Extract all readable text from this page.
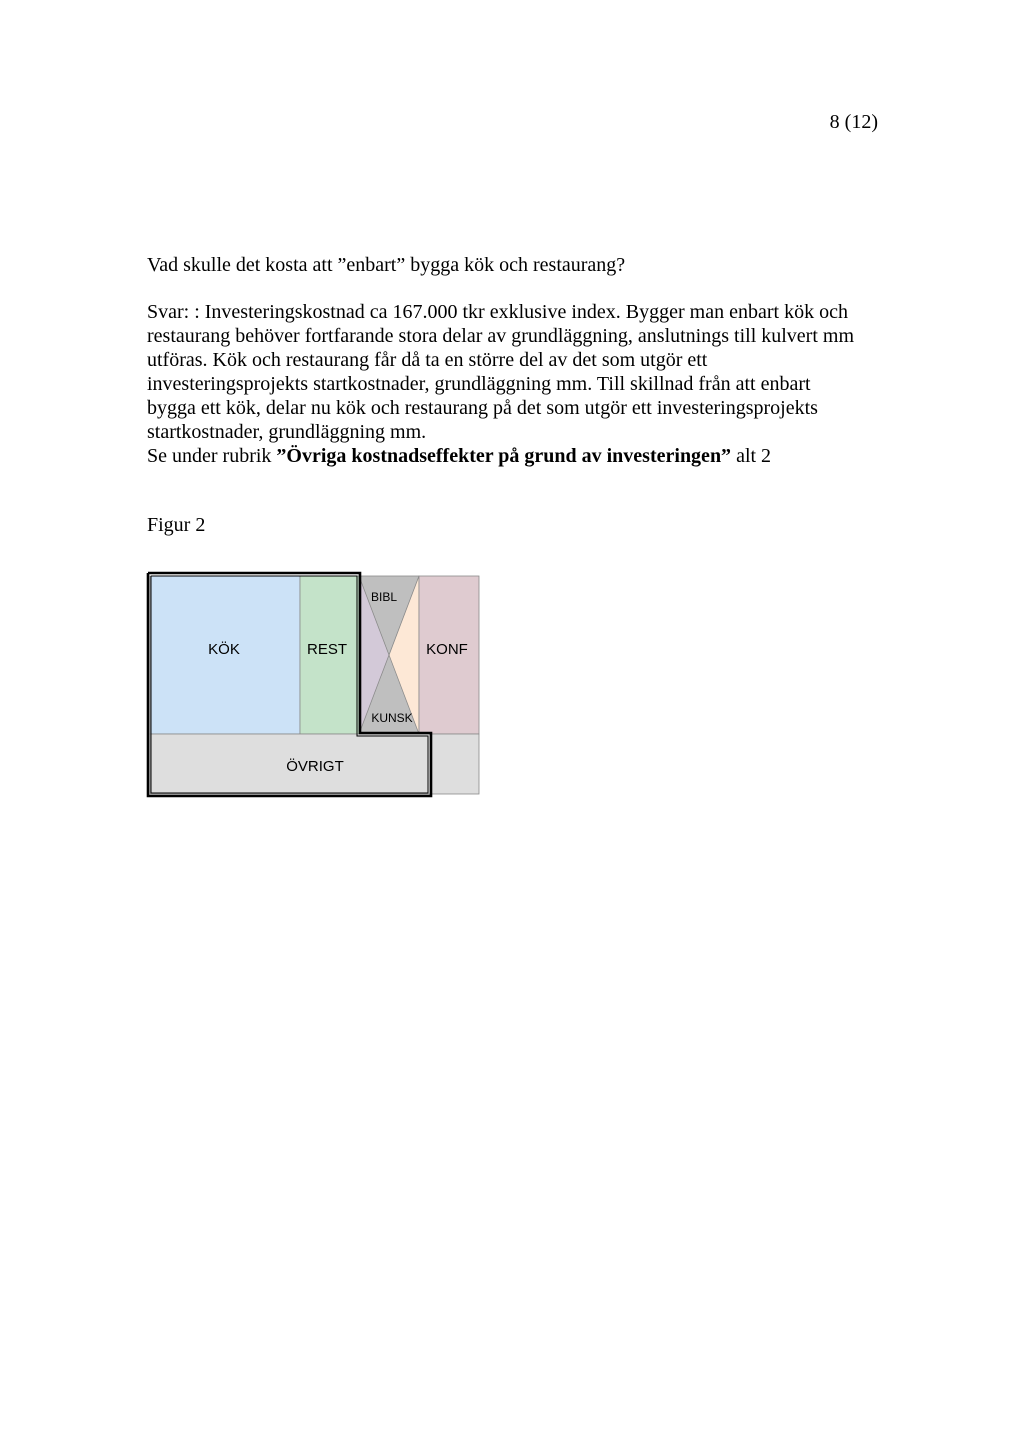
8 (12)

Vad skulle det kosta att ”enbart” bygga kök och restaurang?

Svar: : Investeringskostnad ca 167.000 tkr exklusive index. Bygger man enbart kök och
restaurang behöver fortfarande stora delar av grundläggning, anslutnings till kulvert mm
utföras. Kök och restaurang får då ta en större del av det som utgör ett
investeringsprojekts startkostnader, grundläggning mm. Till skillnad från att enbart
bygga ett kök, delar nu kök och restaurang på det som utgör ett investeringsprojekts
startkostnader, grundläggning mm.
Se under rubrik ”Övriga kostnadseffekter på grund av investeringen” alt 2

Figur 2

KÖK	REST
BIBL
KUNSK
KONF
ÖVRIGT
